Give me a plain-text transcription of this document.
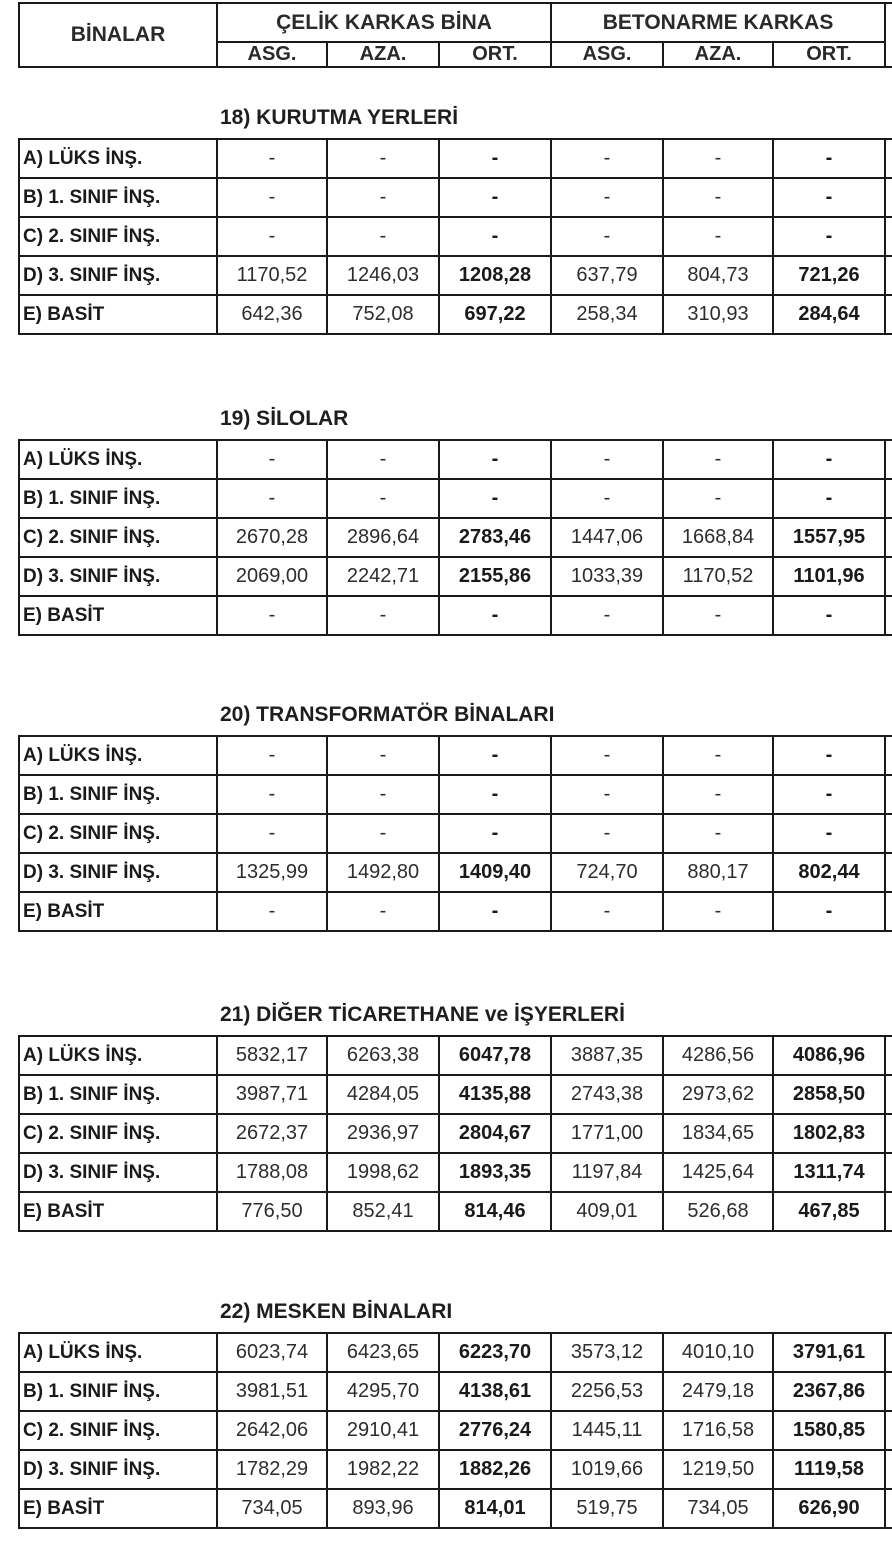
BİNALAR	ÇELİK KARKAS BİNA			BETONARME KARKAS			
	ASG.	AZA.	ORT.	ASG.	AZA.	ORT.	
18) KURUTMA YERLERİ
A) LÜKS İNŞ.	-	-	-	-	-	-	
B) 1. SINIF İNŞ.	-	-	-	-	-	-	
C) 2. SINIF İNŞ.	-	-	-	-	-	-	
D) 3. SINIF İNŞ.	1170,52	1246,03	1208,28	637,79	804,73	721,26	
E) BASİT	642,36	752,08	697,22	258,34	310,93	284,64	
19) SİLOLAR
A) LÜKS İNŞ.	-	-	-	-	-	-	
B) 1. SINIF İNŞ.	-	-	-	-	-	-	
C) 2. SINIF İNŞ.	2670,28	2896,64	2783,46	1447,06	1668,84	1557,95	
D) 3. SINIF İNŞ.	2069,00	2242,71	2155,86	1033,39	1170,52	1101,96	
E) BASİT	-	-	-	-	-	-	
20) TRANSFORMATÖR BİNALARI
A) LÜKS İNŞ.	-	-	-	-	-	-	
B) 1. SINIF İNŞ.	-	-	-	-	-	-	
C) 2. SINIF İNŞ.	-	-	-	-	-	-	
D) 3. SINIF İNŞ.	1325,99	1492,80	1409,40	724,70	880,17	802,44	
E) BASİT	-	-	-	-	-	-	
21) DİĞER TİCARETHANE ve İŞYERLERİ
A) LÜKS İNŞ.	5832,17	6263,38	6047,78	3887,35	4286,56	4086,96	
B) 1. SINIF İNŞ.	3987,71	4284,05	4135,88	2743,38	2973,62	2858,50	
C) 2. SINIF İNŞ.	2672,37	2936,97	2804,67	1771,00	1834,65	1802,83	
D) 3. SINIF İNŞ.	1788,08	1998,62	1893,35	1197,84	1425,64	1311,74	
E) BASİT	776,50	852,41	814,46	409,01	526,68	467,85	
22) MESKEN BİNALARI
A) LÜKS İNŞ.	6023,74	6423,65	6223,70	3573,12	4010,10	3791,61	
B) 1. SINIF İNŞ.	3981,51	4295,70	4138,61	2256,53	2479,18	2367,86	
C) 2. SINIF İNŞ.	2642,06	2910,41	2776,24	1445,11	1716,58	1580,85	
D) 3. SINIF İNŞ.	1782,29	1982,22	1882,26	1019,66	1219,50	1119,58	
E) BASİT	734,05	893,96	814,01	519,75	734,05	626,90	
